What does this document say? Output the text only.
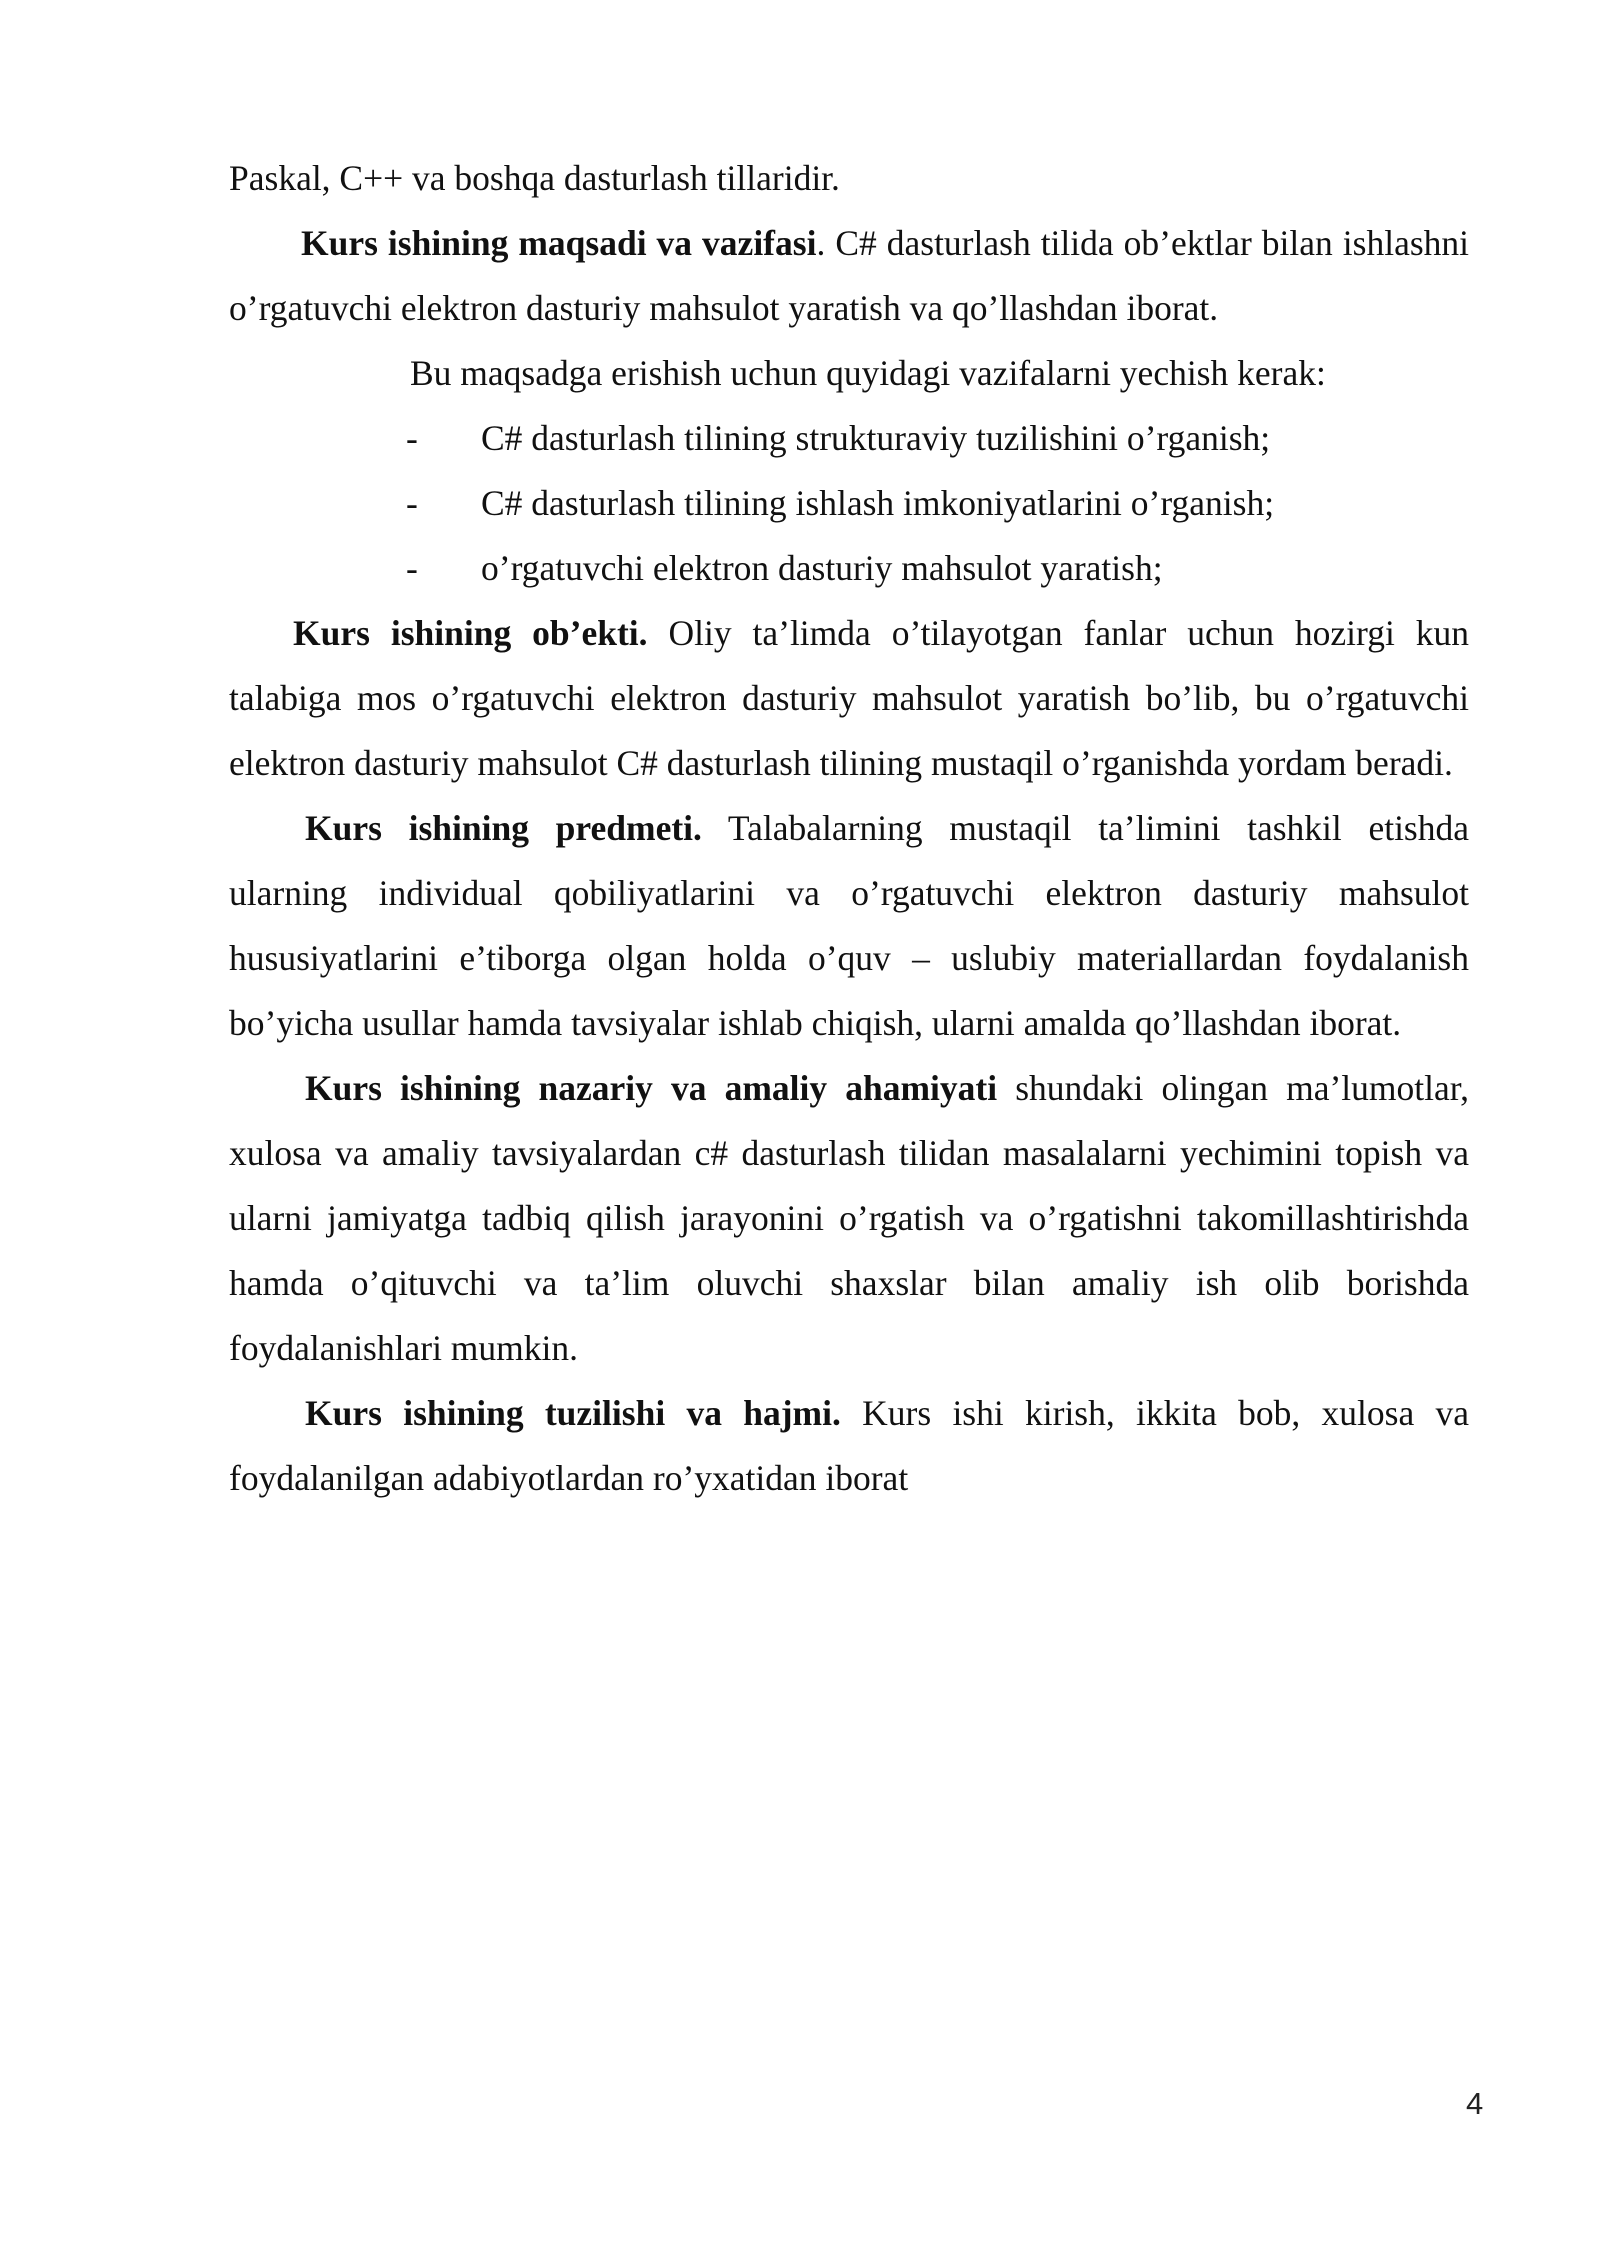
Paskal, C++ va boshqa dasturlash tillaridir.

Kurs ishining maqsadi va vazifasi. C# dasturlash tilida ob’ektlar bilan ishlashni o’rgatuvchi elektron dasturiy mahsulot yaratish va qo’llashdan iborat.

Bu maqsadga erishish uchun quyidagi vazifalarni yechish kerak:

-	C# dasturlash tilining strukturaviy tuzilishini o’rganish;
-	C# dasturlash tilining ishlash imkoniyatlarini o’rganish;
-	o’rgatuvchi elektron dasturiy mahsulot yaratish;

Kurs ishining ob’ekti. Oliy ta’limda o’tilayotgan fanlar uchun hozirgi kun talabiga mos o’rgatuvchi elektron dasturiy mahsulot yaratish bo’lib, bu o’rgatuvchi elektron dasturiy mahsulot C# dasturlash tilining mustaqil o’rganishda yordam beradi.

Kurs ishining predmeti. Talabalarning mustaqil ta’limini tashkil etishda ularning individual qobiliyatlarini va o’rgatuvchi elektron dasturiy mahsulot hususiyatlarini e’tiborga olgan holda o’quv – uslubiy materiallardan foydalanish bo’yicha usullar hamda tavsiyalar ishlab chiqish, ularni amalda qo’llashdan iborat.

Kurs ishining nazariy va amaliy ahamiyati shundaki olingan ma’lumotlar, xulosa va amaliy tavsiyalardan c# dasturlash tilidan masalalarni yechimini topish va ularni jamiyatga tadbiq qilish jarayonini o’rgatish va o’rgatishni takomillashtirishda hamda o’qituvchi va ta’lim oluvchi shaxslar bilan amaliy ish olib borishda foydalanishlari mumkin.

Kurs ishining tuzilishi va hajmi. Kurs ishi kirish, ikkita bob, xulosa va foydalanilgan adabiyotlardan ro’yxatidan iborat

4
